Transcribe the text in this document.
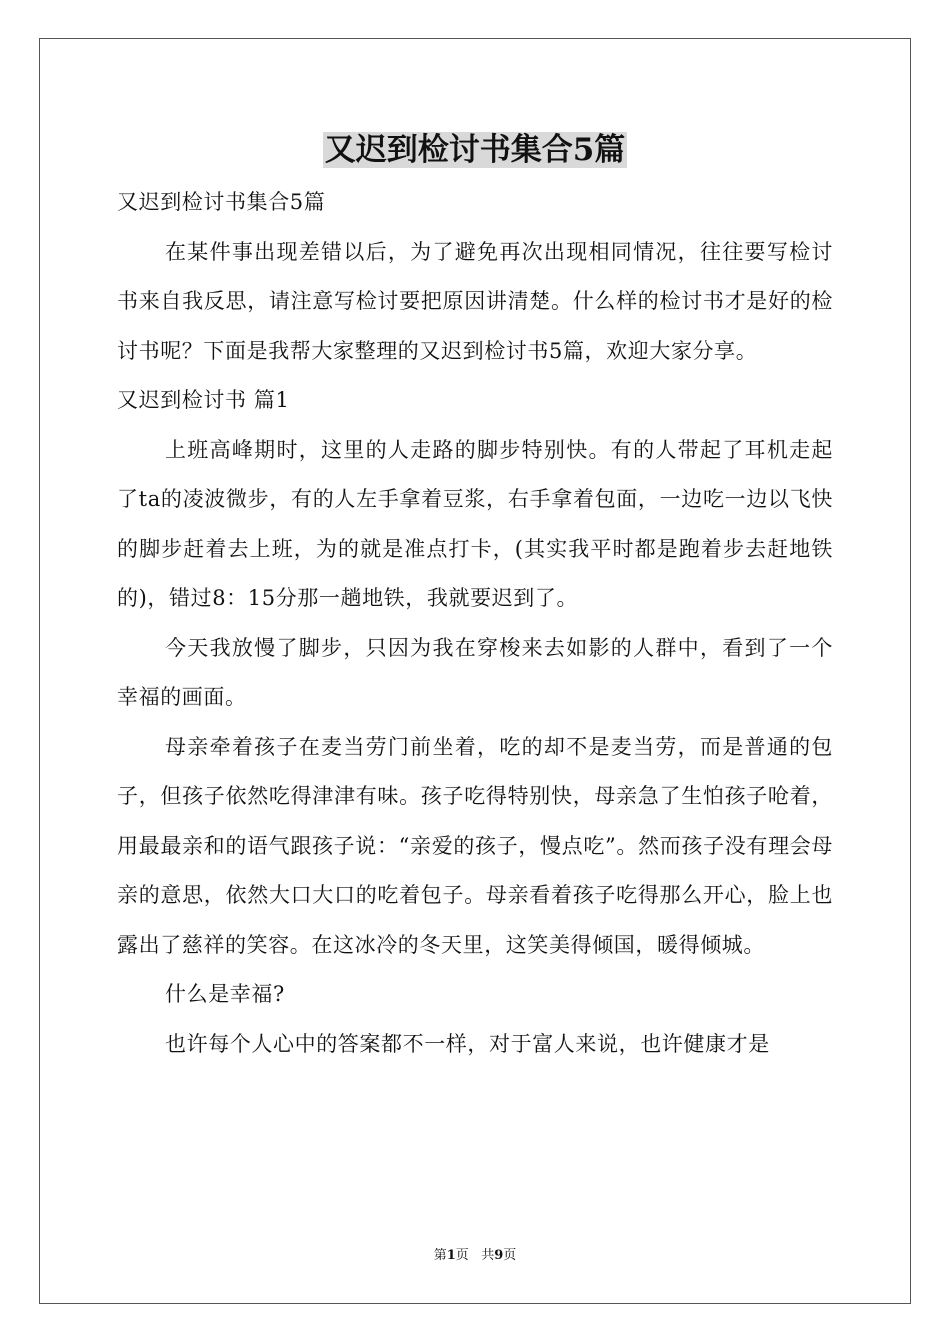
又迟到检讨书集合5篇

又迟到检讨书集合5篇

在某件事出现差错以后，为了避免再次出现相同情况，往往要写检讨书来自我反思，请注意写检讨要把原因讲清楚。什么样的检讨书才是好的检讨书呢？下面是我帮大家整理的又迟到检讨书5篇，欢迎大家分享。

又迟到检讨书 篇1

上班高峰期时，这里的人走路的脚步特别快。有的人带起了耳机走起了ta的凌波微步，有的人左手拿着豆浆，右手拿着包面，一边吃一边以飞快的脚步赶着去上班，为的就是准点打卡，(其实我平时都是跑着步去赶地铁的)，错过8：15分那一趟地铁，我就要迟到了。

今天我放慢了脚步，只因为我在穿梭来去如影的人群中，看到了一个幸福的画面。

母亲牵着孩子在麦当劳门前坐着，吃的却不是麦当劳，而是普通的包子，但孩子依然吃得津津有味。孩子吃得特别快，母亲急了生怕孩子呛着，用最最亲和的语气跟孩子说：“亲爱的孩子，慢点吃”。然而孩子没有理会母亲的意思，依然大口大口的吃着包子。母亲看着孩子吃得那么开心，脸上也露出了慈祥的笑容。在这冰冷的冬天里，这笑美得倾国，暖得倾城。

什么是幸福?

也许每个人心中的答案都不一样，对于富人来说，也许健康才是

第1页 共9页
